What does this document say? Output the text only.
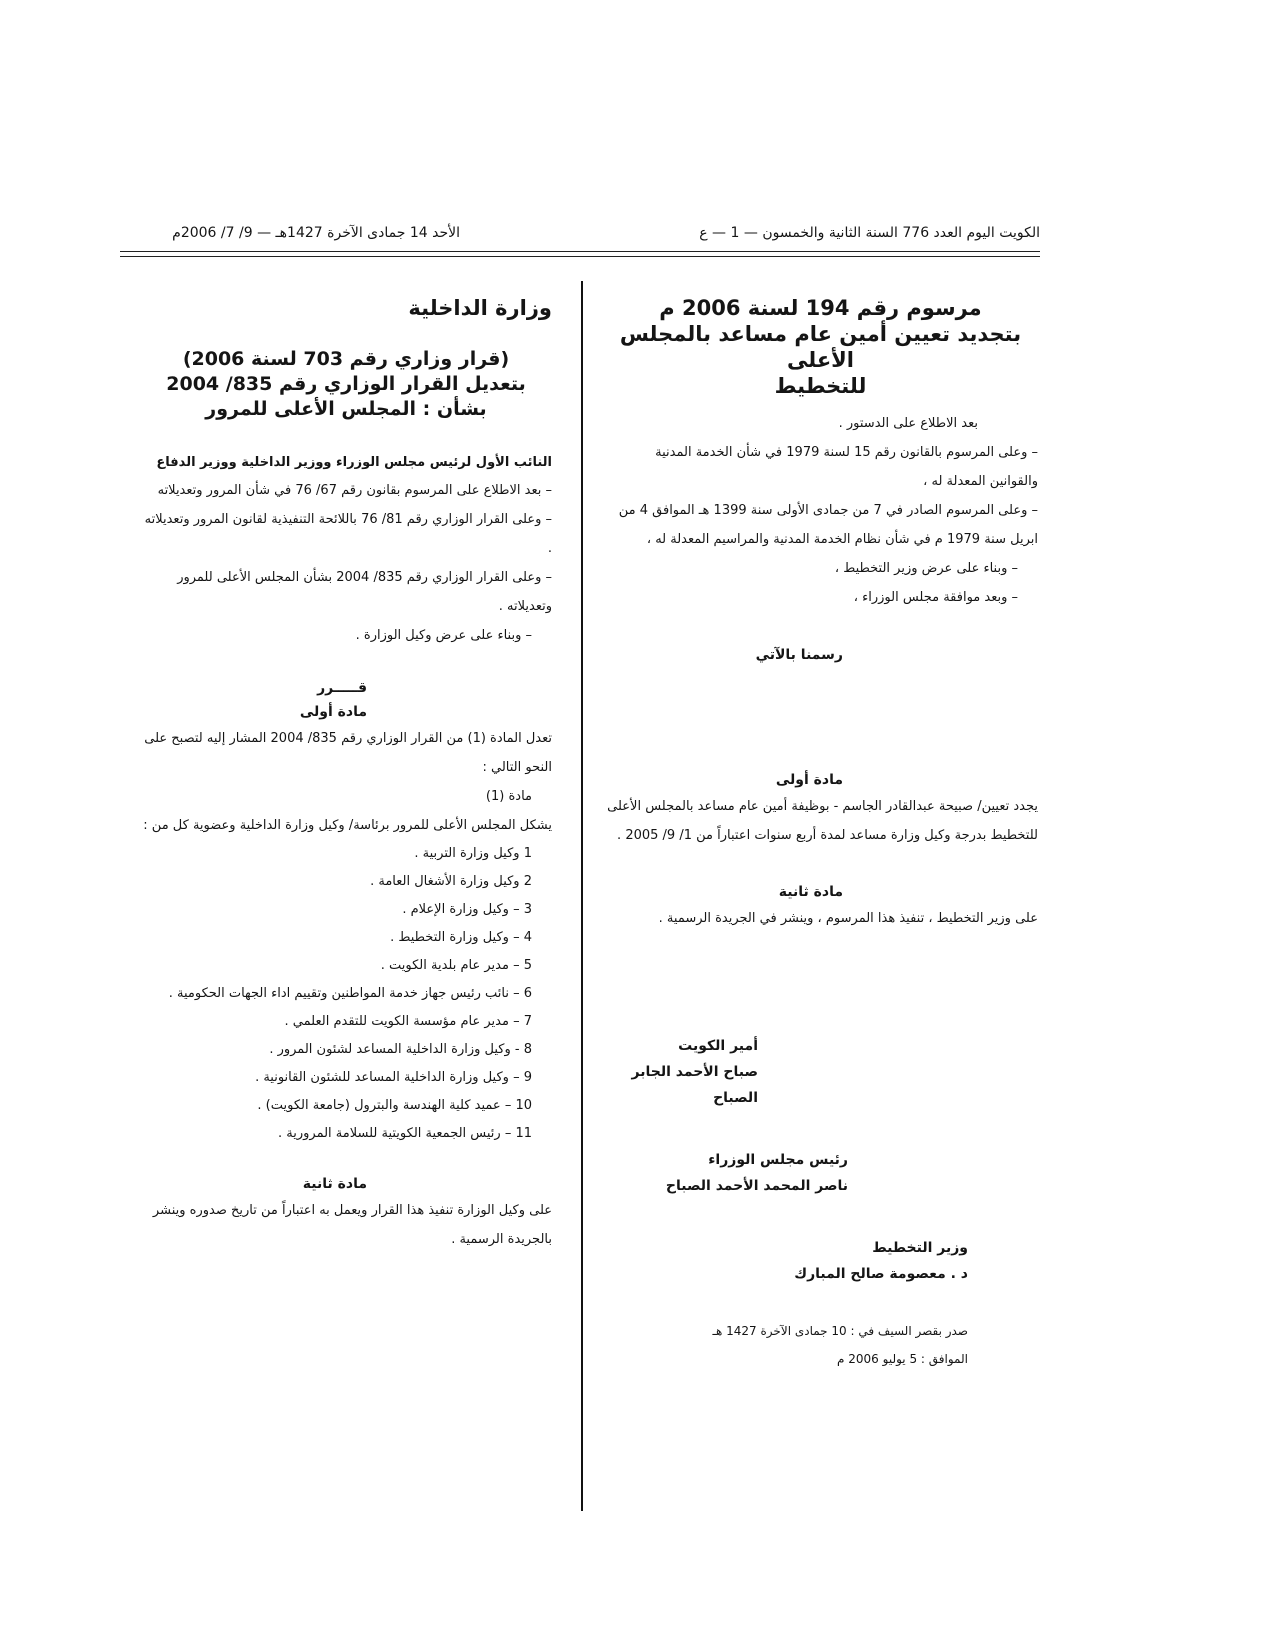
الكويت اليوم العدد 776 السنة الثانية والخمسون — 1 — ع
الأحد 14 جمادى الآخرة 1427هـ — 9/ 7/ 2006م
مرسوم رقم 194 لسنة 2006 م
بتجديد تعيين أمين عام مساعد بالمجلس الأعلى
للتخطيط

بعد الاطلاع على الدستور .

– وعلى المرسوم بالقانون رقم 15 لسنة 1979 في شأن الخدمة المدنية والقوانين المعدلة له ،

– وعلى المرسوم الصادر في 7 من جمادى الأولى سنة 1399 هـ الموافق 4 من ابريل سنة 1979 م في شأن نظام الخدمة المدنية والمراسيم المعدلة له ،

– وبناء على عرض وزير التخطيط ،

– وبعد موافقة مجلس الوزراء ،

رسمنا بالآتي
مادة أولى

يجدد تعيين/ صبيحة عبدالقادر الجاسم - بوظيفة أمين عام مساعد بالمجلس الأعلى للتخطيط بدرجة وكيل وزارة مساعد لمدة أربع سنوات اعتباراً من 1/ 9/ 2005 .

مادة ثانية

على وزير التخطيط ، تنفيذ هذا المرسوم ، وينشر في الجريدة الرسمية .

أمير الكويت
صباح الأحمد الجابر الصباح
رئيس مجلس الوزراء
ناصر المحمد الأحمد الصباح
وزير التخطيط
د . معصومة صالح المبارك
صدر بقصر السيف في : 10 جمادى الآخرة 1427 هـ
الموافق : 5 يوليو 2006 م
وزارة الداخلية
(قرار وزاري رقم 703 لسنة 2006)
بتعديل القرار الوزاري رقم 835/ 2004
بشأن : المجلس الأعلى للمرور
النائب الأول لرئيس مجلس الوزراء ووزير الداخلية ووزير الدفاع

– بعد الاطلاع على المرسوم بقانون رقم 67/ 76 في شأن المرور وتعديلاته

– وعلى القرار الوزاري رقم 81/ 76 باللائحة التنفيذية لقانون المرور وتعديلاته .

– وعلى القرار الوزاري رقم 835/ 2004 بشأن المجلس الأعلى للمرور وتعديلاته .

– وبناء على عرض وكيل الوزارة .

قـــــرر
مادة أولى

تعدل المادة (1) من القرار الوزاري رقم 835/ 2004 المشار إليه لتصبح على النحو التالي :

مادة (1)

يشكل المجلس الأعلى للمرور برئاسة/ وكيل وزارة الداخلية وعضوية كل من :

1 وكيل وزارة التربية .
2 وكيل وزارة الأشغال العامة .
3 – وكيل وزارة الإعلام .
4 – وكيل وزارة التخطيط .
5 – مدير عام بلدية الكويت .
6 – نائب رئيس جهاز خدمة المواطنين وتقييم اداء الجهات الحكومية .
7 – مدير عام مؤسسة الكويت للتقدم العلمي .
8 - وكيل وزارة الداخلية المساعد لشئون المرور .
9 – وكيل وزارة الداخلية المساعد للشئون القانونية .
10 – عميد كلية الهندسة والبترول (جامعة الكويت) .
11 – رئيس الجمعية الكويتية للسلامة المرورية .
مادة ثانية

على وكيل الوزارة تنفيذ هذا القرار ويعمل به اعتباراً من تاريخ صدوره وينشر بالجريدة الرسمية .
